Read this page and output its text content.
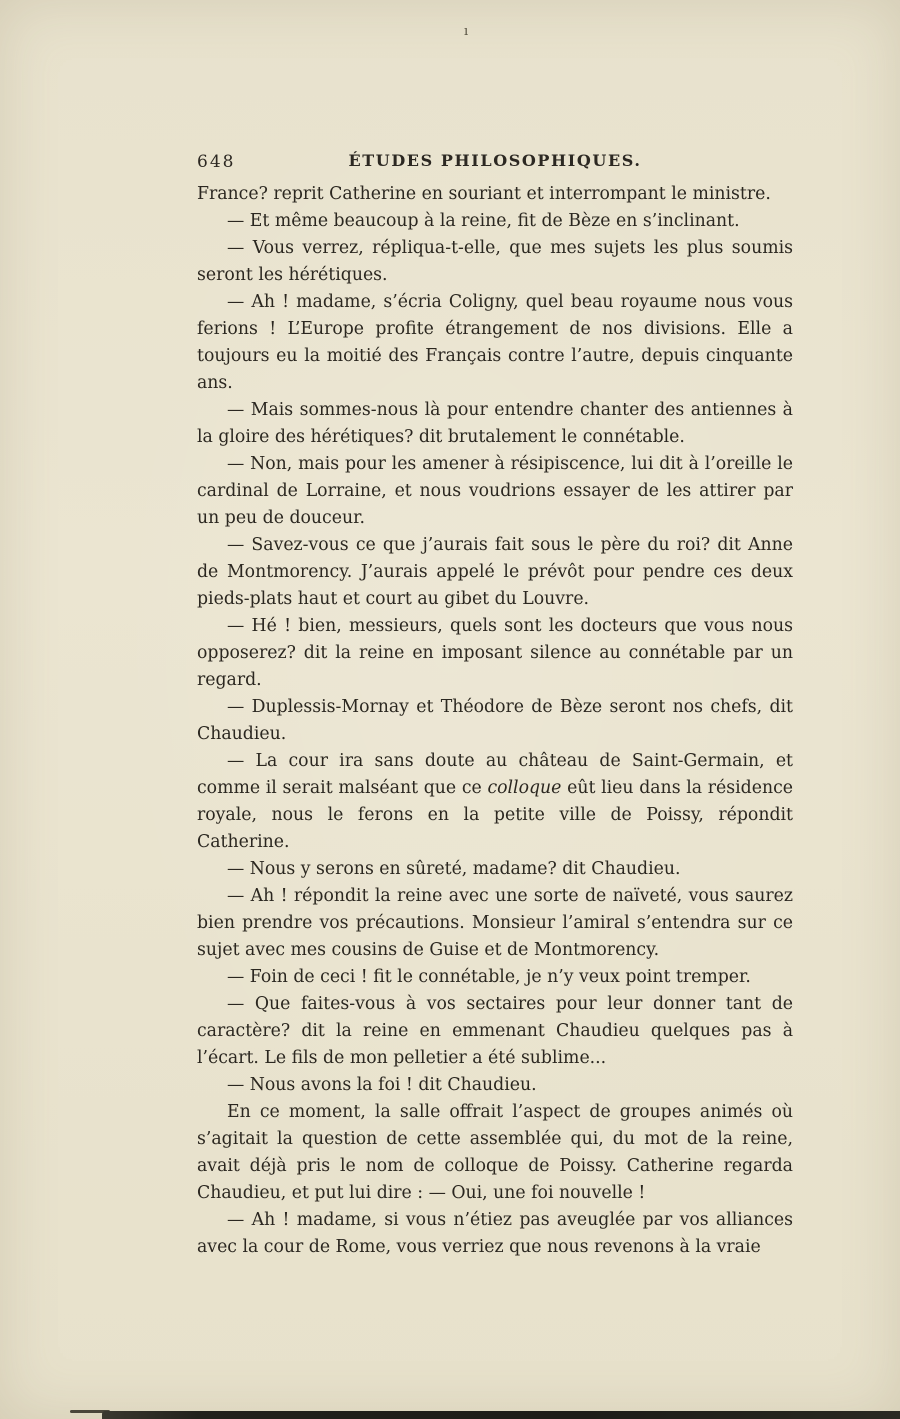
ı
648	ÉTUDES PHILOSOPHIQUES.

France? reprit Catherine en souriant et interrompant le ministre.

— Et même beaucoup à la reine, fit de Bèze en s’inclinant.

— Vous verrez, répliqua-t-elle, que mes sujets les plus soumis seront les hérétiques.

— Ah ! madame, s’écria Coligny, quel beau royaume nous vous ferions ! L’Europe profite étrangement de nos divisions. Elle a toujours eu la moitié des Français contre l’autre, depuis cinquante ans.

— Mais sommes-nous là pour entendre chanter des antiennes à la gloire des hérétiques? dit brutalement le connétable.

— Non, mais pour les amener à résipiscence, lui dit à l’oreille le cardinal de Lorraine, et nous voudrions essayer de les attirer par un peu de douceur.

— Savez-vous ce que j’aurais fait sous le père du roi? dit Anne de Montmorency. J’aurais appelé le prévôt pour pendre ces deux pieds-plats haut et court au gibet du Louvre.

— Hé ! bien, messieurs, quels sont les docteurs que vous nous opposerez? dit la reine en imposant silence au connétable par un regard.

— Duplessis-Mornay et Théodore de Bèze seront nos chefs, dit Chaudieu.

— La cour ira sans doute au château de Saint-Germain, et comme il serait malséant que ce colloque eût lieu dans la résidence royale, nous le ferons en la petite ville de Poissy, répondit Catherine.

— Nous y serons en sûreté, madame? dit Chaudieu.

— Ah ! répondit la reine avec une sorte de naïveté, vous saurez bien prendre vos précautions. Monsieur l’amiral s’entendra sur ce sujet avec mes cousins de Guise et de Montmorency.

— Foin de ceci ! fit le connétable, je n’y veux point tremper.

— Que faites-vous à vos sectaires pour leur donner tant de caractère? dit la reine en emmenant Chaudieu quelques pas à l’écart. Le fils de mon pelletier a été sublime...

— Nous avons la foi ! dit Chaudieu.

En ce moment, la salle offrait l’aspect de groupes animés où s’agitait la question de cette assemblée qui, du mot de la reine, avait déjà pris le nom de colloque de Poissy. Catherine regarda Chaudieu, et put lui dire : — Oui, une foi nouvelle !

— Ah ! madame, si vous n’étiez pas aveuglée par vos alliances avec la cour de Rome, vous verriez que nous revenons à la vraie
